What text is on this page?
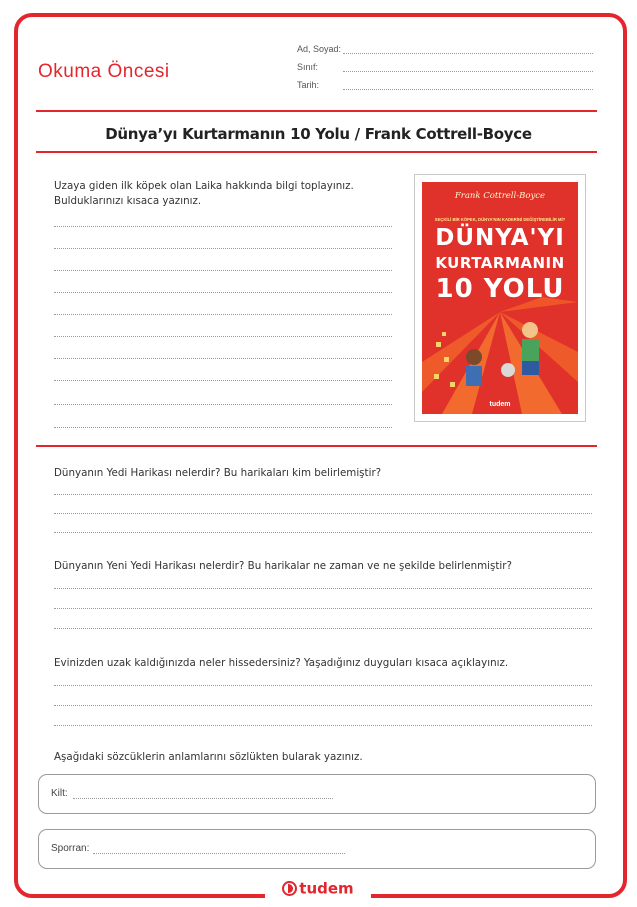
Okuma Öncesi
Ad, Soyad:
Sınıf:
Tarih:
Dünya’yı Kurtarmanın 10 Yolu / Frank Cottrell-Boyce
Uzaya giden ilk köpek olan Laika hakkında bilgi toplayınız.
Bulduklarınızı kısaca yazınız.	Frank Cottrell-Boyce
SEÇKİLİ BİR KÖPEK, DÜNYA'NIN KADERİNİ DEĞİŞTİREBİLİR Mİ?
DÜNYA'YI
KURTARMANIN
10 YOLU
tudem
Dünyanın Yedi Harikası nelerdir? Bu harikaları kim belirlemiştir?
Dünyanın Yeni Yedi Harikası nelerdir? Bu harikalar ne zaman ve ne şekilde belirlenmiştir?
Evinizden uzak kaldığınızda neler hissedersiniz? Yaşadığınız duyguları kısaca açıklayınız.
Aşağıdaki sözcüklerin anlamlarını sözlükten bularak yazınız.
Kilt:
Sporran:
tudem
